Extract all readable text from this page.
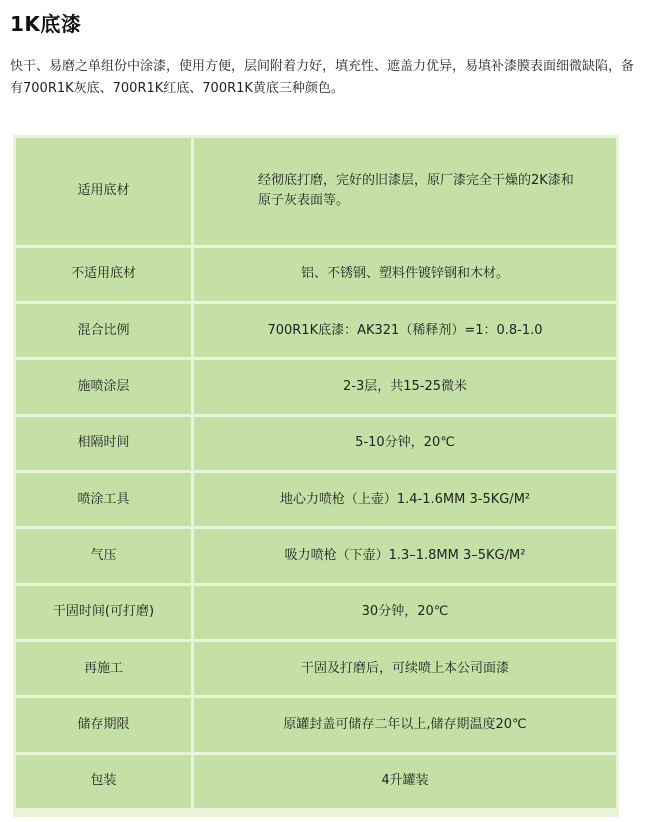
1K底漆
快干、易磨之单组份中涂漆，使用方便，层间附着力好，填充性、遮盖力优异，易填补漆膜表面细微缺陷，备有700R1K灰底、700R1K红底、700R1K黄底三种颜色。
适用底材	经彻底打磨，完好的旧漆层，原厂漆完全干燥的2K漆和
原子灰表面等。
不适用底材	铝、不锈钢、塑料件镀锌钢和木材。
混合比例	700R1K底漆：AK321（稀释剂）=1：0.8-1.0
施喷涂层	2-3层，共15-25微米
相隔时间	5-10分钟，20℃
喷涂工具	地心力喷枪（上壶）1.4-1.6MM 3-5KG/M²
气压	吸力喷枪（下壶）1.3–1.8MM 3–5KG/M²
干固时间(可打磨)	30分钟，20℃
再施工	干固及打磨后，可续喷上本公司面漆
储存期限	原罐封盖可储存二年以上,储存期温度20℃
包装	4升罐装
